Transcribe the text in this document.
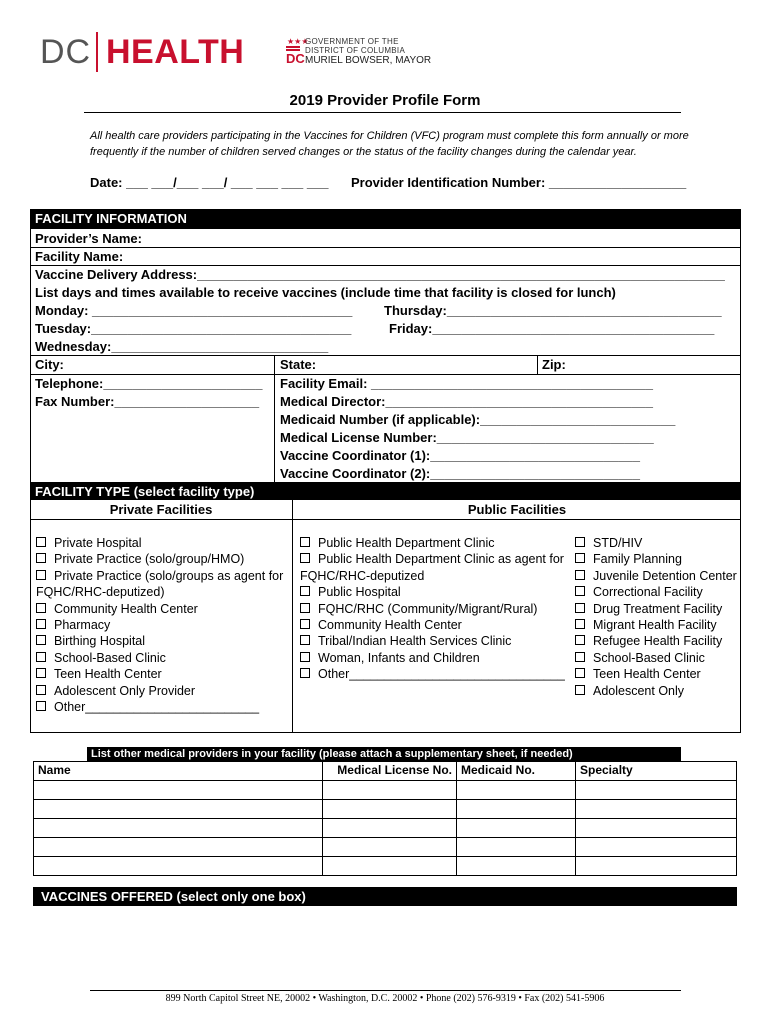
DC HEALTH	★★★
DC
GOVERNMENT OF THE
DISTRICT OF COLUMBIA
MURIEL BOWSER, MAYOR
2019 Provider Profile Form
All health care providers participating in the Vaccines for Children (VFC) program must complete this form annually or more frequently if the number of children served changes or the status of the facility changes during the calendar year.
Date: ___ ___/___ ___/ ___ ___ ___ ___ Provider Identification Number: ___________________
FACILITY INFORMATION
Provider’s Name:
Facility Name:
Vaccine Delivery Address:_________________________________________________________________________
List days and times available to receive vaccines (include time that facility is closed for lunch)
Monday: ____________________________________ Thursday:______________________________________
Tuesday:____________________________________	Friday:_______________________________________
Wednesday:______________________________
City:	State:	Zip:
Telephone:______________________
Fax Number:____________________
Facility Email: _______________________________________
Medical Director:_____________________________________
Medicaid Number (if applicable):___________________________
Medical License Number:______________________________
Vaccine Coordinator (1):_____________________________
Vaccine Coordinator (2):_____________________________
FACILITY TYPE (select facility type)
Private Facilities	Public Facilities
Private Hospital
Private Practice (solo/group/HMO)
Private Practice (solo/groups as agent for
FQHC/RHC-deputized)
Community Health Center
Pharmacy
Birthing Hospital
School-Based Clinic
Teen Health Center
Adolescent Only Provider
Other_________________________
Public Health Department Clinic
Public Health Department Clinic as agent for
FQHC/RHC-deputized
Public Hospital
FQHC/RHC (Community/Migrant/Rural)
Community Health Center
Tribal/Indian Health Services Clinic
Woman, Infants and Children
Other_______________________________
STD/HIV
Family Planning
Juvenile Detention Center
Correctional Facility
Drug Treatment Facility
Migrant Health Facility
Refugee Health Facility
School-Based Clinic
Teen Health Center
Adolescent Only
List other medical providers in your facility (please attach a supplementary sheet, if needed)
Name	Medical License No.	Medicaid No.	Specialty

VACCINES OFFERED (select only one box)
899 North Capitol Street NE, 20002 • Washington, D.C. 20002 • Phone (202) 576-9319 • Fax (202) 541-5906
